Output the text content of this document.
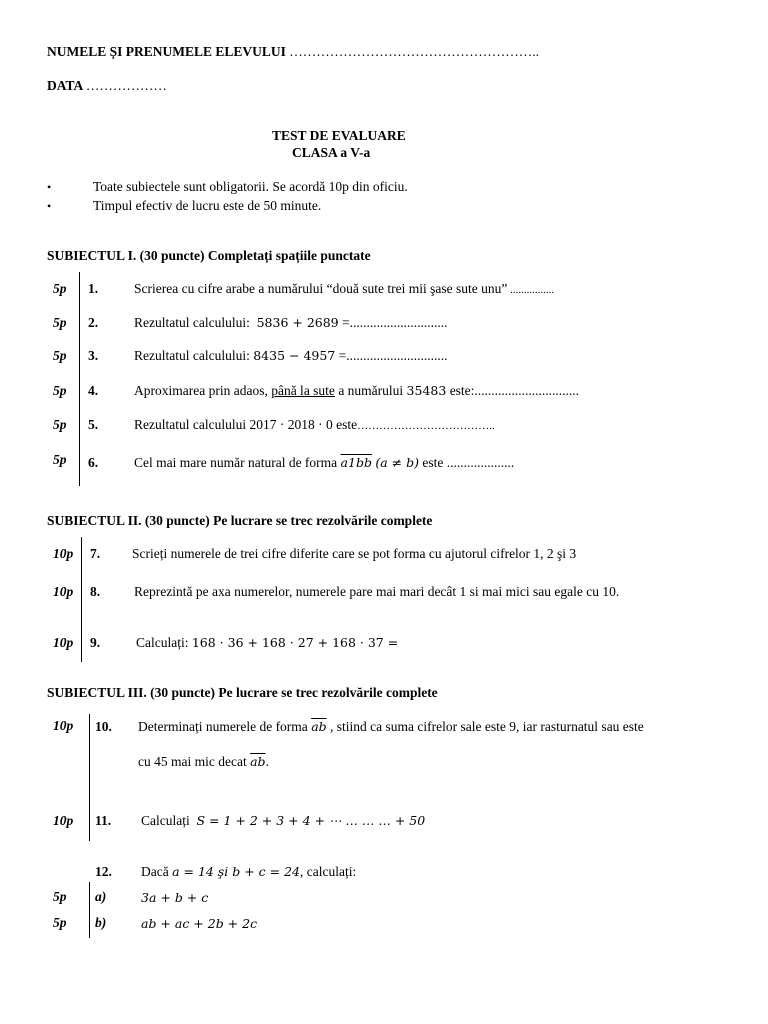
NUMELE ȘI PRENUMELE ELEVULUI ………………………………………………..
DATA ………………
TEST DE EVALUARE
CLASA a V-a
•	Toate subiectele sunt obligatorii. Se acordă 10p din oficiu.
•	Timpul efectiv de lucru este de 50 minute.
SUBIECTUL I. (30 puncte) Completați spațiile punctate
5p 1.	Scrierea cu cifre arabe a numărului “două sute trei mii şase sute unu” ................
5p 2.	Rezultatul calculului: 5836 + 2689 =.............................
5p 3.	Rezultatul calculului: 8435 − 4957 =..............................
5p 4.	Aproximarea prin adaos, până la sute a numărului 35483 este:...............................
5p 5.	Rezultatul calculului 2017 · 2018 · 0 este………………………………..
5p 6.	Cel mai mare număr natural de forma a1bb (a ≠ b) este ....................
SUBIECTUL II. (30 puncte) Pe lucrare se trec rezolvările complete
10p 7. Scrieți numerele de trei cifre diferite care se pot forma cu ajutorul cifrelor 1, 2 şi 3
10p 8.	Reprezintă pe axa numerelor, numerele pare mai mari decât 1 si mai mici sau egale cu 10.
10p 9.	Calculați: 168 · 36 + 168 · 27 + 168 · 37 =
SUBIECTUL III. (30 puncte) Pe lucrare se trec rezolvările complete
10p 10. Determinați numerele de forma $\overline{ab}$ , stiind ca suma cifrelor sale este 9, iar rasturnatul sau este
cu 45 mai mic decat $\overline{ab}$.
10p 11. Calculați S = 1 + 2 + 3 + 4 + ⋯ … … … + 50
12. Dacă a = 14 şi b + c = 24, calculați:
5p a)	3a + b + c
5p b)	ab + ac + 2b + 2c
